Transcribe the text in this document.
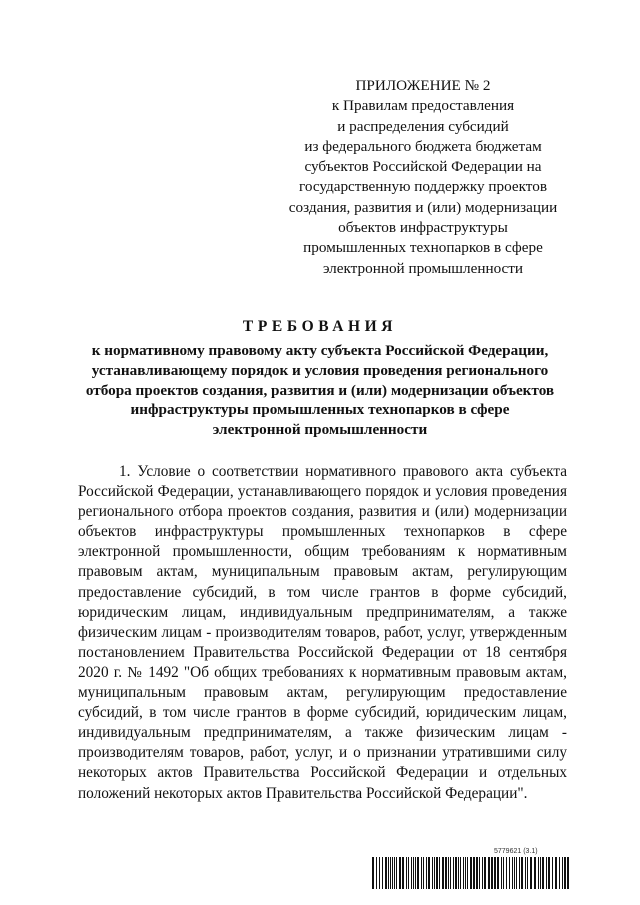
ПРИЛОЖЕНИЕ № 2
к Правилам предоставления
и распределения субсидий
из федерального бюджета бюджетам
субъектов Российской Федерации на
государственную поддержку проектов
создания, развития и (или) модернизации
объектов инфраструктуры
промышленных технопарков в сфере
электронной промышленности
ТРЕБОВАНИЯ
к нормативному правовому акту субъекта Российской Федерации,
устанавливающему порядок и условия проведения регионального
отбора проектов создания, развития и (или) модернизации объектов
инфраструктуры промышленных технопарков в сфере
электронной промышленности
1. Условие о соответствии нормативного правового акта субъекта
Российской Федерации, устанавливающего порядок и условия проведения
регионального отбора проектов создания, развития и (или) модернизации
объектов инфраструктуры промышленных технопарков в сфере
электронной промышленности, общим требованиям к нормативным
правовым актам, муниципальным правовым актам, регулирующим
предоставление субсидий, в том числе грантов в форме субсидий,
юридическим лицам, индивидуальным предпринимателям, а также
физическим лицам - производителям товаров, работ, услуг, утвержденным
постановлением Правительства Российской Федерации от 18 сентября
2020 г. № 1492 "Об общих требованиях к нормативным правовым актам,
муниципальным правовым актам, регулирующим предоставление
субсидий, в том числе грантов в форме субсидий, юридическим лицам,
индивидуальным предпринимателям, а также физическим лицам -
производителям товаров, работ, услуг, и о признании утратившими силу
некоторых актов Правительства Российской Федерации и отдельных
положений некоторых актов Правительства Российской Федерации".
5779621 (3.1)
